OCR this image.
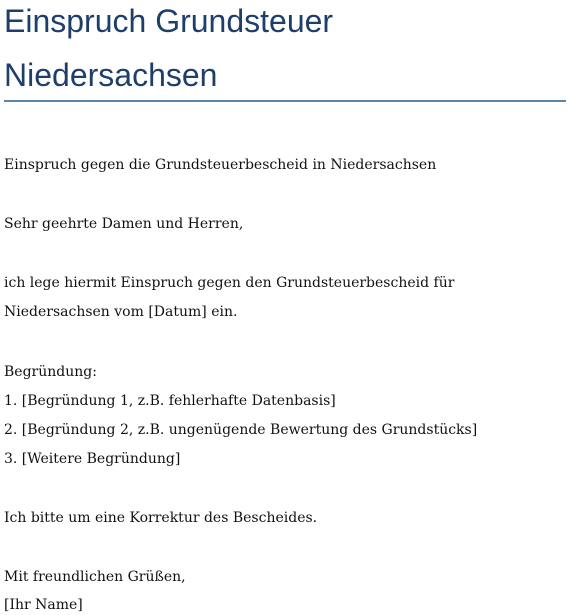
Einspruch Grundsteuer
Niedersachsen
Einspruch gegen die Grundsteuerbescheid in Niedersachsen
Sehr geehrte Damen und Herren,
ich lege hiermit Einspruch gegen den Grundsteuerbescheid für Niedersachsen vom [Datum] ein.
Begründung:
1. [Begründung 1, z.B. fehlerhafte Datenbasis]
2. [Begründung 2, z.B. ungenügende Bewertung des Grundstücks]
3. [Weitere Begründung]
Ich bitte um eine Korrektur des Bescheides.
Mit freundlichen Grüßen,
[Ihr Name]
